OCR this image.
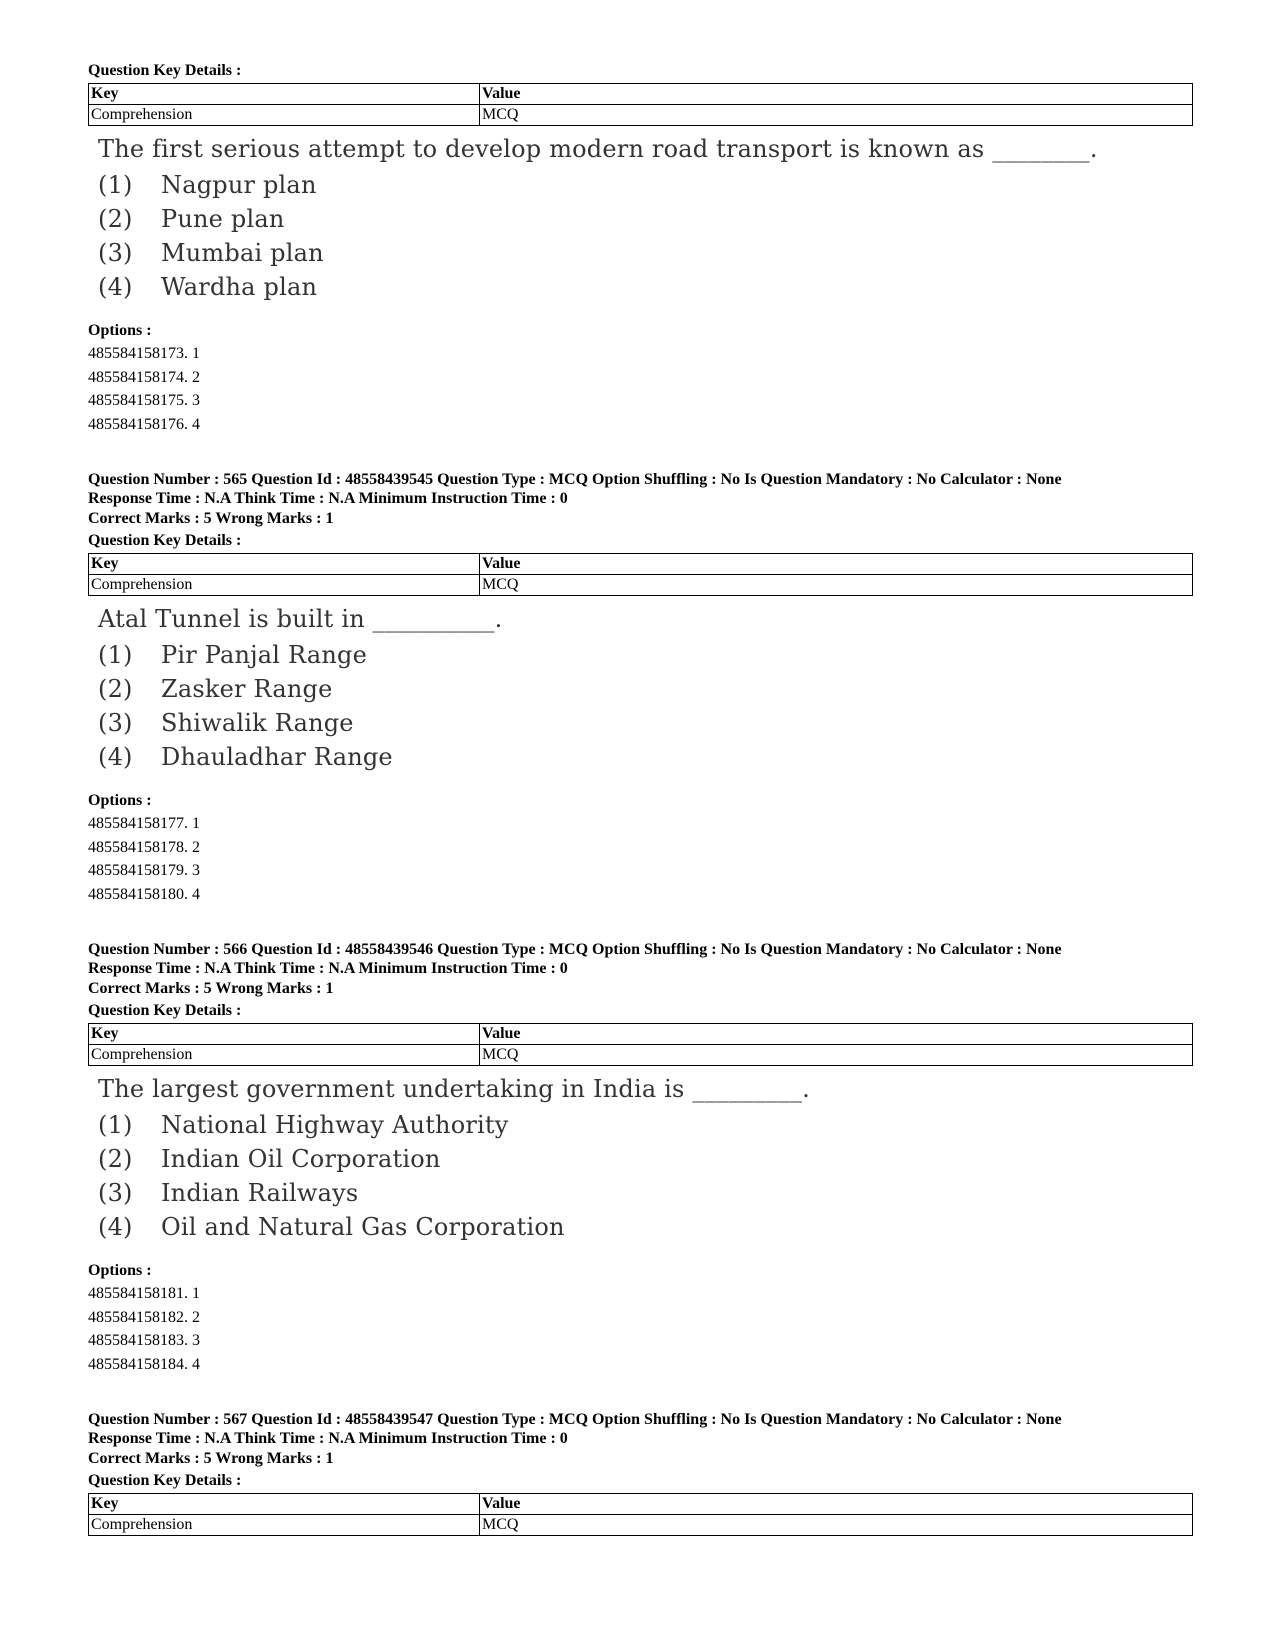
Question Key Details :
Key	Value
Comprehension	MCQ
The first serious attempt to develop modern road transport is known as ________.
(1) Nagpur plan
(2) Pune plan
(3) Mumbai plan
(4) Wardha plan
Options :
485584158173. 1
485584158174. 2
485584158175. 3
485584158176. 4
Question Number : 565 Question Id : 48558439545 Question Type : MCQ Option Shuffling : No Is Question Mandatory : No Calculator : None
Response Time : N.A Think Time : N.A Minimum Instruction Time : 0
Correct Marks : 5 Wrong Marks : 1
Question Key Details :
Key	Value
Comprehension	MCQ
Atal Tunnel is built in __________.
(1) Pir Panjal Range
(2) Zasker Range
(3) Shiwalik Range
(4) Dhauladhar Range
Options :
485584158177. 1
485584158178. 2
485584158179. 3
485584158180. 4
Question Number : 566 Question Id : 48558439546 Question Type : MCQ Option Shuffling : No Is Question Mandatory : No Calculator : None
Response Time : N.A Think Time : N.A Minimum Instruction Time : 0
Correct Marks : 5 Wrong Marks : 1
Question Key Details :
Key	Value
Comprehension	MCQ
The largest government undertaking in India is _________.
(1) National Highway Authority
(2) Indian Oil Corporation
(3) Indian Railways
(4) Oil and Natural Gas Corporation
Options :
485584158181. 1
485584158182. 2
485584158183. 3
485584158184. 4
Question Number : 567 Question Id : 48558439547 Question Type : MCQ Option Shuffling : No Is Question Mandatory : No Calculator : None
Response Time : N.A Think Time : N.A Minimum Instruction Time : 0
Correct Marks : 5 Wrong Marks : 1
Question Key Details :
Key	Value
Comprehension	MCQ
